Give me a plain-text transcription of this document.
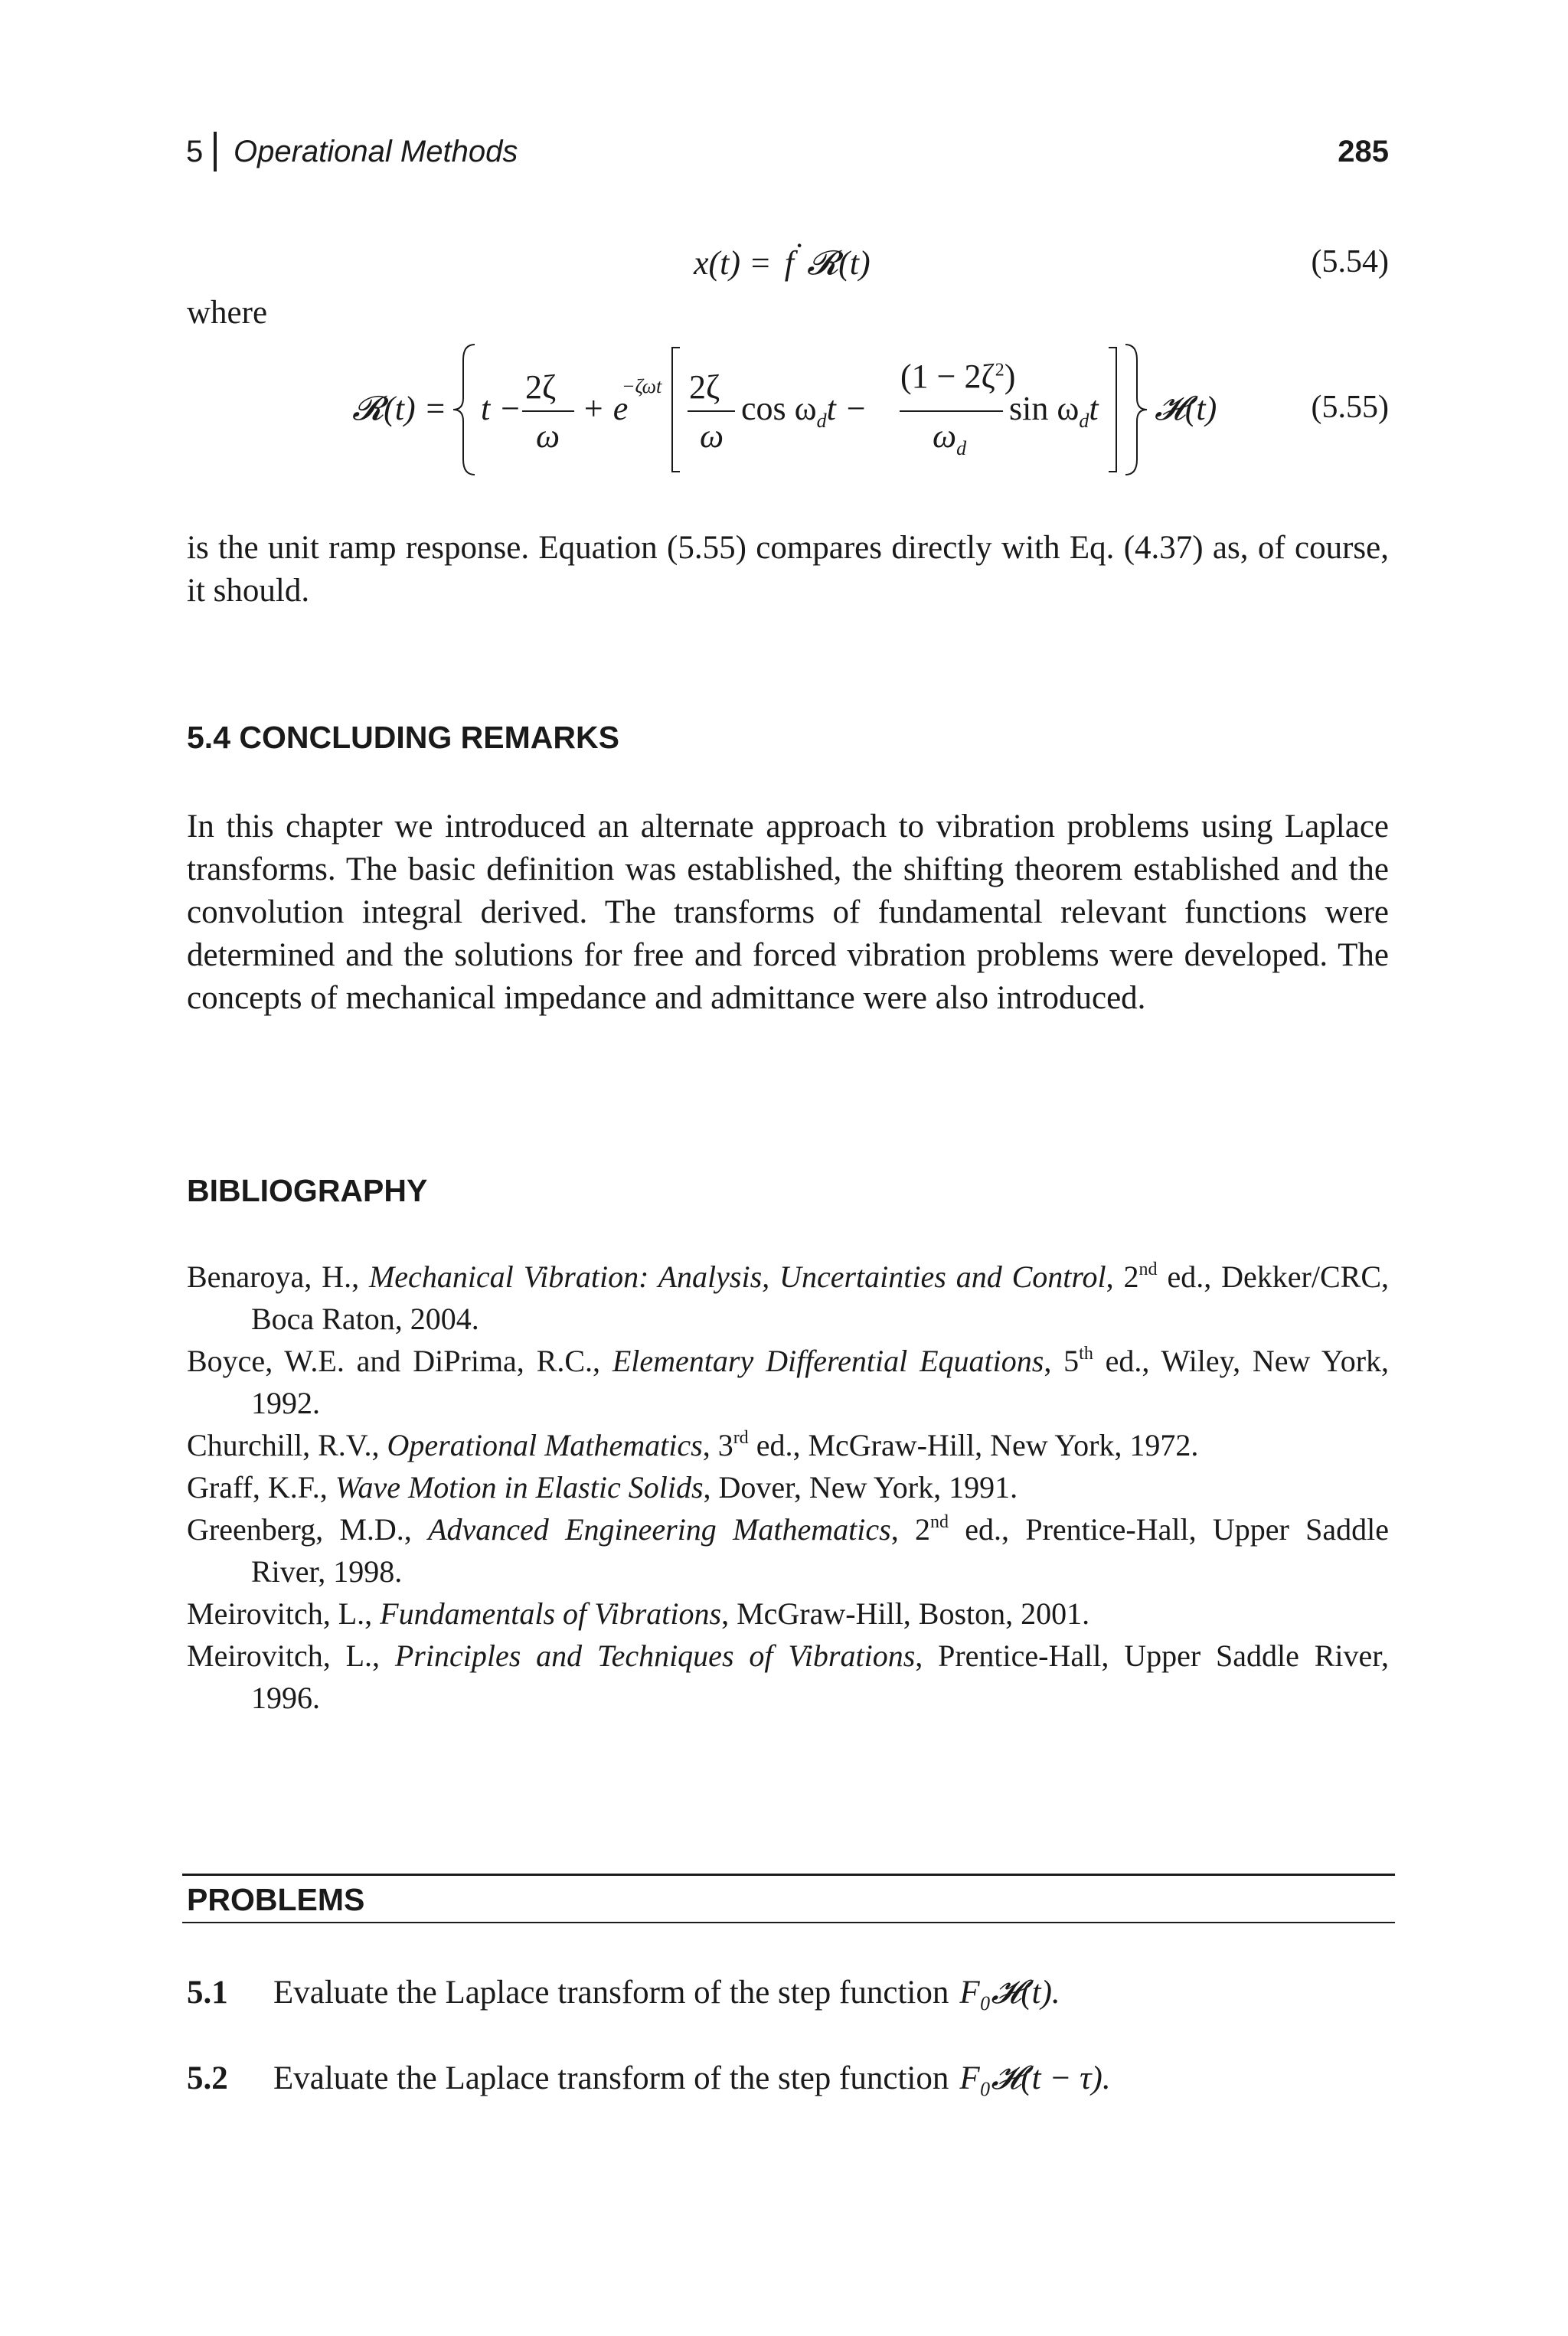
5 Operational Methods	285
x(t) = f ˙ 𝓡(t)	(5.54)
where
𝓡(t) = t −
2ζ
ω
+ e
−ζωt 2ζ
ω
$\cos \omega_dt$ −
$(1 - 2\zeta^2)$
$\omega_d$
$\sin \omega_dt$ 𝓗(t)	(5.55)

is the unit ramp response. Equation (5.55) compares directly with Eq. (4.37) as, of course, it should.

5.4 CONCLUDING REMARKS

In this chapter we introduced an alternate approach to vibration problems using Laplace transforms. The basic definition was established, the shifting theorem established and the convolution integral derived. The transforms of fundamental relevant functions were determined and the solutions for free and forced vibration problems were developed. The concepts of mechanical impedance and admittance were also introduced.

BIBLIOGRAPHY

Benaroya, H., Mechanical Vibration: Analysis, Uncertainties and Control, 2nd ed., Dekker/CRC, Boca Raton, 2004.

Boyce, W.E. and DiPrima, R.C., Elementary Differential Equations, 5th ed., Wiley, New York, 1992.

Churchill, R.V., Operational Mathematics, 3rd ed., McGraw-Hill, New York, 1972.

Graff, K.F., Wave Motion in Elastic Solids, Dover, New York, 1991.

Greenberg, M.D., Advanced Engineering Mathematics, 2nd ed., Prentice-Hall, Upper Saddle River, 1998.

Meirovitch, L., Fundamentals of Vibrations, McGraw-Hill, Boston, 2001.

Meirovitch, L., Principles and Techniques of Vibrations, Prentice-Hall, Upper Saddle River, 1996.

PROBLEMS
5.1 Evaluate the Laplace transform of the step function F₀𝓗(t).
5.2 Evaluate the Laplace transform of the step function F₀𝓗(t − τ).
